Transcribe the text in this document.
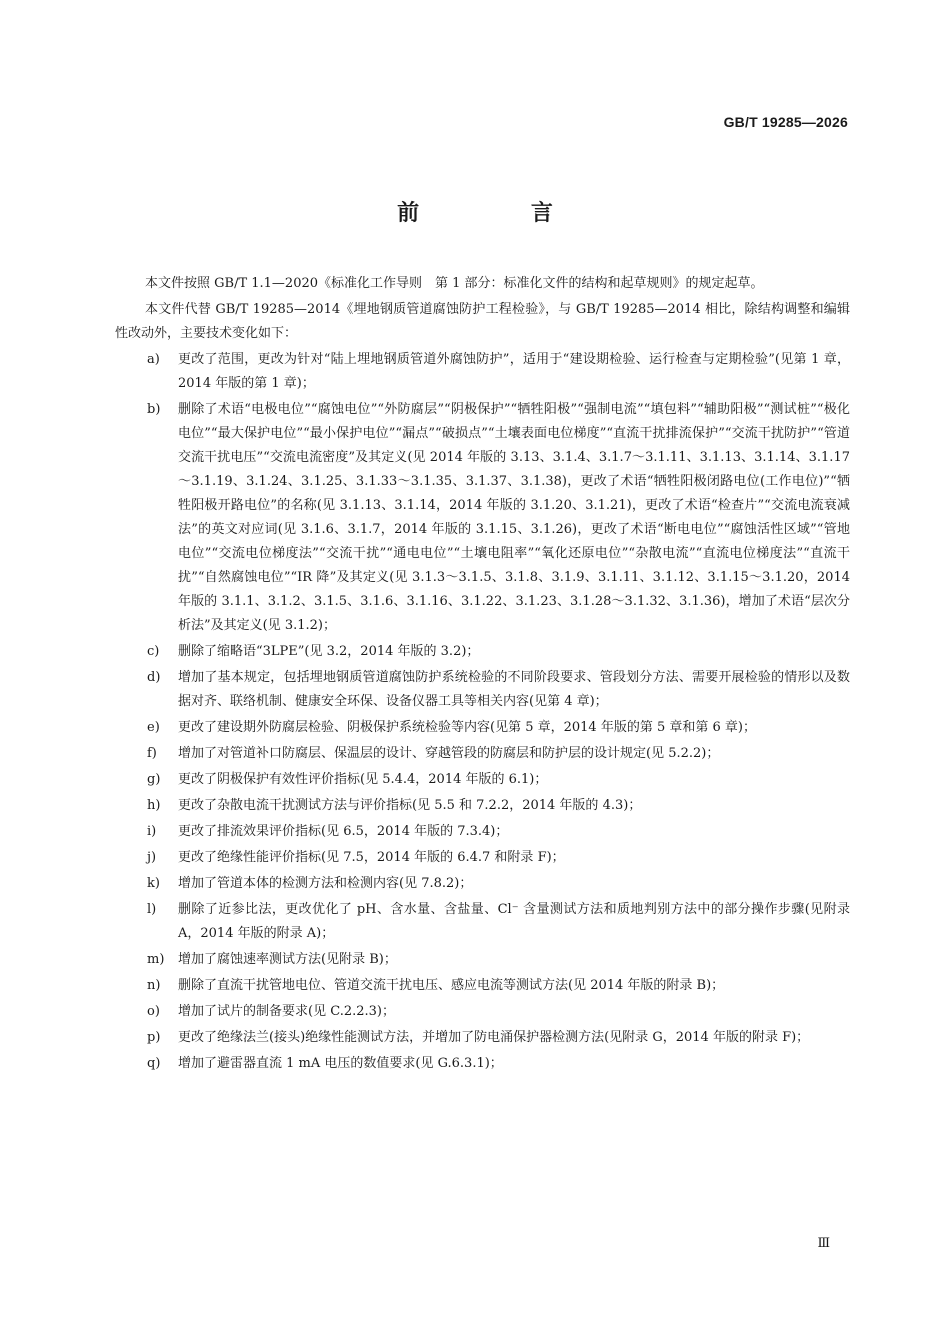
GB/T 19285—2026
前 言

本文件按照 GB/T 1.1—2020《标准化工作导则　第 1 部分：标准化文件的结构和起草规则》的规定起草。

本文件代替 GB/T 19285—2014《埋地钢质管道腐蚀防护工程检验》，与 GB/T 19285—2014 相比，除结构调整和编辑性改动外，主要技术变化如下：

a) 更改了范围，更改为针对“陆上埋地钢质管道外腐蚀防护”，适用于“建设期检验、运行检查与定期检验”(见第 1 章，2014 年版的第 1 章)；
b) 删除了术语“电极电位”“腐蚀电位”“外防腐层”“阴极保护”“牺牲阳极”“强制电流”“填包料”“辅助阳极”“测试桩”“极化电位”“最大保护电位”“最小保护电位”“漏点”“破损点”“土壤表面电位梯度”“直流干扰排流保护”“交流干扰防护”“管道交流干扰电压”“交流电流密度”及其定义(见 2014 年版的 3.13、3.1.4、3.1.7～3.1.11、3.1.13、3.1.14、3.1.17～3.1.19、3.1.24、3.1.25、3.1.33～3.1.35、3.1.37、3.1.38)，更改了术语“牺牲阳极闭路电位(工作电位)”“牺牲阳极开路电位”的名称(见 3.1.13、3.1.14，2014 年版的 3.1.20、3.1.21)，更改了术语“检查片”“交流电流衰减法”的英文对应词(见 3.1.6、3.1.7，2014 年版的 3.1.15、3.1.26)，更改了术语“断电电位”“腐蚀活性区域”“管地电位”“交流电位梯度法”“交流干扰”“通电电位”“土壤电阻率”“氧化还原电位”“杂散电流”“直流电位梯度法”“直流干扰”“自然腐蚀电位”“IR 降”及其定义(见 3.1.3～3.1.5、3.1.8、3.1.9、3.1.11、3.1.12、3.1.15～3.1.20，2014 年版的 3.1.1、3.1.2、3.1.5、3.1.6、3.1.16、3.1.22、3.1.23、3.1.28～3.1.32、3.1.36)，增加了术语“层次分析法”及其定义(见 3.1.2)；
c) 删除了缩略语“3LPE”(见 3.2，2014 年版的 3.2)；
d) 增加了基本规定，包括埋地钢质管道腐蚀防护系统检验的不同阶段要求、管段划分方法、需要开展检验的情形以及数据对齐、联络机制、健康安全环保、设备仪器工具等相关内容(见第 4 章)；
e) 更改了建设期外防腐层检验、阴极保护系统检验等内容(见第 5 章，2014 年版的第 5 章和第 6 章)；
f) 增加了对管道补口防腐层、保温层的设计、穿越管段的防腐层和防护层的设计规定(见 5.2.2)；
g) 更改了阴极保护有效性评价指标(见 5.4.4，2014 年版的 6.1)；
h) 更改了杂散电流干扰测试方法与评价指标(见 5.5 和 7.2.2，2014 年版的 4.3)；
i) 更改了排流效果评价指标(见 6.5，2014 年版的 7.3.4)；
j) 更改了绝缘性能评价指标(见 7.5，2014 年版的 6.4.7 和附录 F)；
k) 增加了管道本体的检测方法和检测内容(见 7.8.2)；
l) 删除了近参比法，更改优化了 pH、含水量、含盐量、Cl⁻ 含量测试方法和质地判别方法中的部分操作步骤(见附录 A，2014 年版的附录 A)；
m) 增加了腐蚀速率测试方法(见附录 B)；
n) 删除了直流干扰管地电位、管道交流干扰电压、感应电流等测试方法(见 2014 年版的附录 B)；
o) 增加了试片的制备要求(见 C.2.2.3)；
p) 更改了绝缘法兰(接头)绝缘性能测试方法，并增加了防电涌保护器检测方法(见附录 G，2014 年版的附录 F)；
q) 增加了避雷器直流 1 mA 电压的数值要求(见 G.6.3.1)；
Ⅲ
